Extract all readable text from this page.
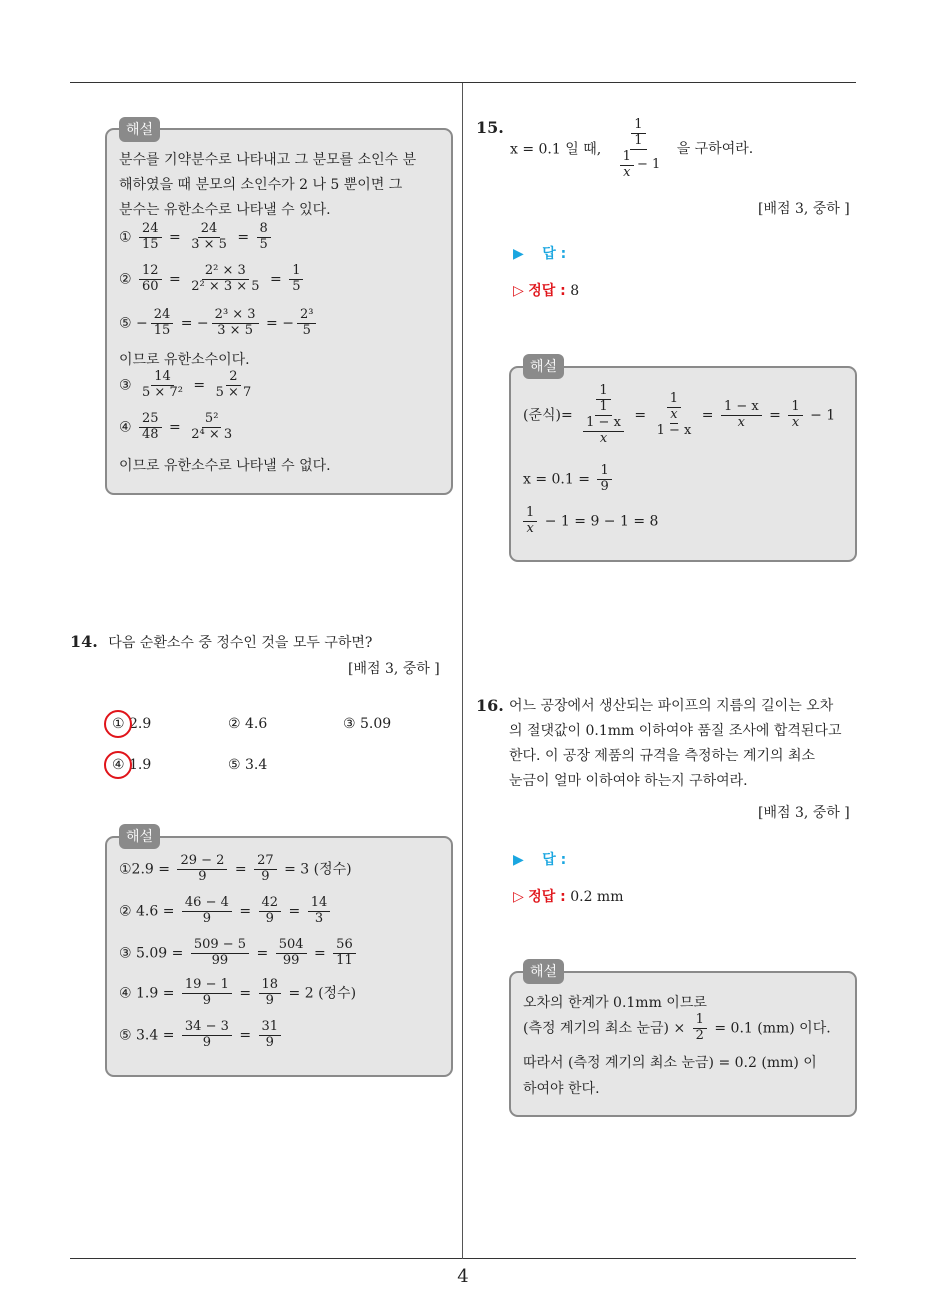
분수를 기약분수로 나타내고 그 분모를 소인수 분
해하였을 때 분모의 소인수가 2 나 5 뿐이면 그
분수는 유한소수로 나타낼 수 있다.
① $\frac{24}{15} = \frac{24}{3 \times 5} = \frac{8}{5}$
② $\frac{12}{60} = \frac{\text{2² × 3}}{\text{2² × 3 × 5}} = \frac{1}{5}$
⑤ − $\frac{24}{15}$ = − $\frac{\text{2³ × 3}}{3 \times 5}$ = − $\frac{\text{2³}}{5}$
이므로 유한소수이다.
③ $\frac{14}{\text{5 × 7²}} = \frac{2}{5 \times 7}$
④ $\frac{25}{48} = \frac{\text{5²}}{\text{2⁴ × 3}}$
이므로 유한소수로 나타낼 수 없다.
해설
14. 다음 순환소수 중 정수인 것을 모두 구하면?
[배점 3, 중하 ]
① 2.9	② 4.6	③ 5.09
④ 1.9	⑤ 3.4
①2.9 = $\frac{29 - 2}{9} = \frac{27}{9} = 3$ (정수)
② $4.6 = \frac{46 - 4}{9} = \frac{42}{9} = \frac{14}{3}$
③ $5.09 = \frac{509 - 5}{99} = \frac{504}{99} = \frac{56}{11}$
④ $1.9 = \frac{19 - 1}{9} = \frac{18}{9} = 2$ (정수)
⑤ $3.4 = \frac{34 - 3}{9} = \frac{31}{9}$
해설
15.
x = 0.1 일 때, 1
1
$\frac{1}{x} - 1$ 을 구하여라.
[배점 3, 중하 ]
▶ 답 :
▷ 정답 : 8
(준식)= 1
1
$\frac{1 - x}{x} = 1$
x
$1 - x = \frac{1 - x}{x} = \frac{1}{x} - 1$
$x = 0.1 = \frac{1}{9}$
$\frac{1}{x} - 1 = 9 - 1 = 8$
해설
16. 어느 공장에서 생산되는 파이프의 지름의 길이는 오차
의 절댓값이 0.1mm 이하여야 품질 조사에 합격된다고
한다. 이 공장 제품의 규격을 측정하는 계기의 최소
눈금이 얼마 이하여야 하는지 구하여라.
[배점 3, 중하 ]
▶ 답 :
▷ 정답 : 0.2 mm
오차의 한계가 0.1mm 이므로
(측정 계기의 최소 눈금) × $\frac{1}{2} = 0.1$ (mm) 이다.
따라서 (측정 계기의 최소 눈금) = 0.2 (mm) 이
하여야 한다.
해설
4
